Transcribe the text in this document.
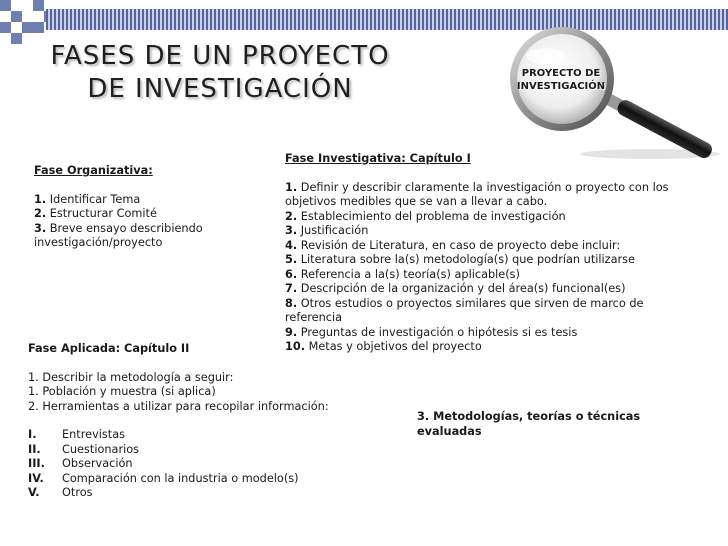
FASES DE UN PROYECTO
DE INVESTIGACIÓN
PROYECTO DE
INVESTIGACIÓN
Fase Organizativa:
1. Identificar Tema
2. Estructurar Comité
3. Breve ensayo describiendo
investigación/proyecto
Fase Investigativa: Capítulo I
1. Definir y describir claramente la investigación o proyecto con los
objetivos medibles que se van a llevar a cabo.
2. Establecimiento del problema de investigación
3. Justificación
4. Revisión de Literatura, en caso de proyecto debe incluir:
5. Literatura sobre la(s) metodología(s) que podrían utilizarse
6. Referencia a la(s) teoría(s) aplicable(s)
7. Descripción de la organización y del área(s) funcional(es)
8. Otros estudios o proyectos similares que sirven de marco de
referencia
9. Preguntas de investigación o hipótesis si es tesis
10. Metas y objetivos del proyecto
Fase Aplicada: Capítulo II
1. Describir la metodología a seguir:
1. Población y muestra (si aplica)
2. Herramientas a utilizar para recopilar información:
I. Entrevistas
II. Cuestionarios
III. Observación
IV. Comparación con la industria o modelo(s)
V. Otros
3. Metodologías, teorías o técnicas
evaluadas
